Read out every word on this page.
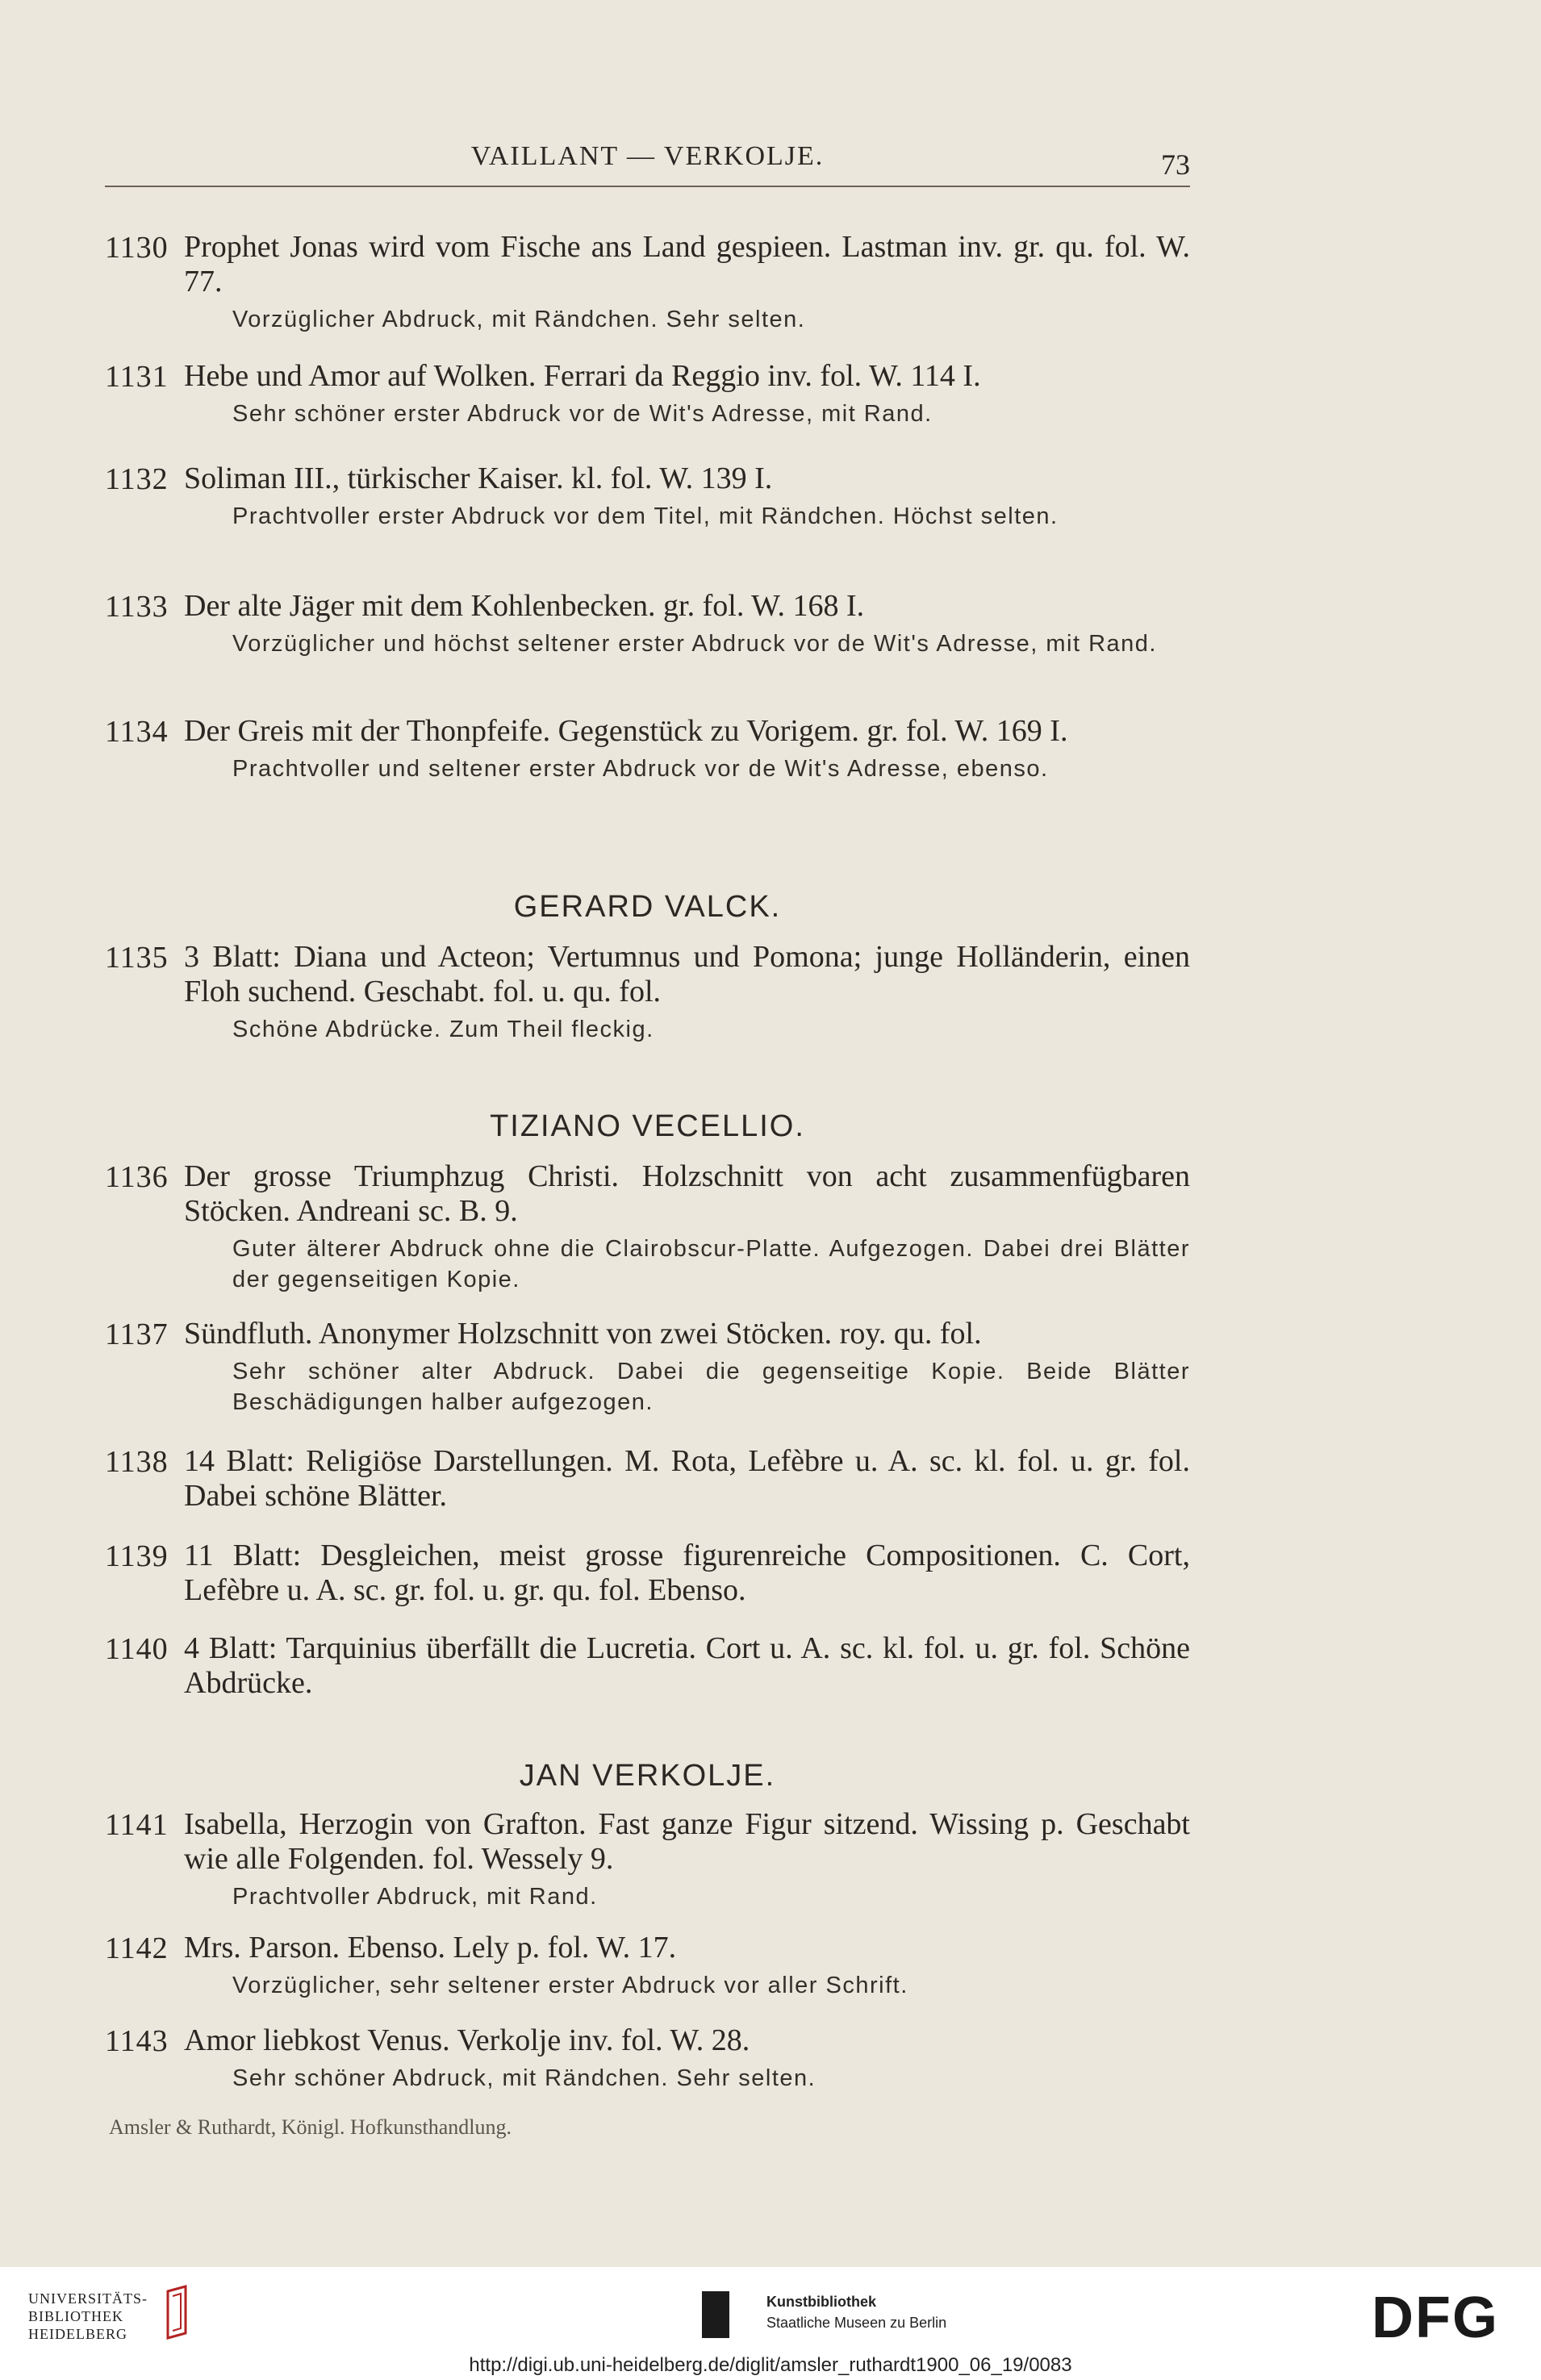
VAILLANT — VERKOLJE.	73
1130 Prophet Jonas wird vom Fische ans Land gespieen. Lastman inv. gr. qu. fol. W. 77.
Vorzüglicher Abdruck, mit Rändchen. Sehr selten.
1131 Hebe und Amor auf Wolken. Ferrari da Reggio inv. fol. W. 114 I.
Sehr schöner erster Abdruck vor de Wit's Adresse, mit Rand.
1132 Soliman III., türkischer Kaiser. kl. fol. W. 139 I.
Prachtvoller erster Abdruck vor dem Titel, mit Rändchen. Höchst selten.
1133 Der alte Jäger mit dem Kohlenbecken. gr. fol. W. 168 I.
Vorzüglicher und höchst seltener erster Abdruck vor de Wit's Adresse, mit Rand.
1134 Der Greis mit der Thonpfeife. Gegenstück zu Vorigem. gr. fol. W. 169 I.
Prachtvoller und seltener erster Abdruck vor de Wit's Adresse, ebenso.
GERARD VALCK.
1135 3 Blatt: Diana und Acteon; Vertumnus und Pomona; junge Holländerin, einen Floh suchend. Geschabt. fol. u. qu. fol.
Schöne Abdrücke. Zum Theil fleckig.
TIZIANO VECELLIO.
1136 Der grosse Triumphzug Christi. Holzschnitt von acht zusammenfügbaren Stöcken. Andreani sc. B. 9.
Guter älterer Abdruck ohne die Clairobscur-Platte. Aufgezogen. Dabei drei Blätter der gegenseitigen Kopie.
1137 Sündfluth. Anonymer Holzschnitt von zwei Stöcken. roy. qu. fol.
Sehr schöner alter Abdruck. Dabei die gegenseitige Kopie. Beide Blätter Beschädigungen halber aufgezogen.
1138 14 Blatt: Religiöse Darstellungen. M. Rota, Lefèbre u. A. sc. kl. fol. u. gr. fol. Dabei schöne Blätter.
1139 11 Blatt: Desgleichen, meist grosse figurenreiche Compositionen. C. Cort, Lefèbre u. A. sc. gr. fol. u. gr. qu. fol. Ebenso.
1140 4 Blatt: Tarquinius überfällt die Lucretia. Cort u. A. sc. kl. fol. u. gr. fol. Schöne Abdrücke.
JAN VERKOLJE.
1141 Isabella, Herzogin von Grafton. Fast ganze Figur sitzend. Wissing p. Geschabt wie alle Folgenden. fol. Wessely 9.
Prachtvoller Abdruck, mit Rand.
1142 Mrs. Parson. Ebenso. Lely p. fol. W. 17.
Vorzüglicher, sehr seltener erster Abdruck vor aller Schrift.
1143 Amor liebkost Venus. Verkolje inv. fol. W. 28.
Sehr schöner Abdruck, mit Rändchen. Sehr selten.
Amsler & Ruthardt, Königl. Hofkunsthandlung.
UNIVERSITÄTS-
BIBLIOTHEK
HEIDELBERG
Kunstbibliothek
Staatliche Museen zu Berlin	DFG
http://digi.ub.uni-heidelberg.de/diglit/amsler_ruthardt1900_06_19/0083
